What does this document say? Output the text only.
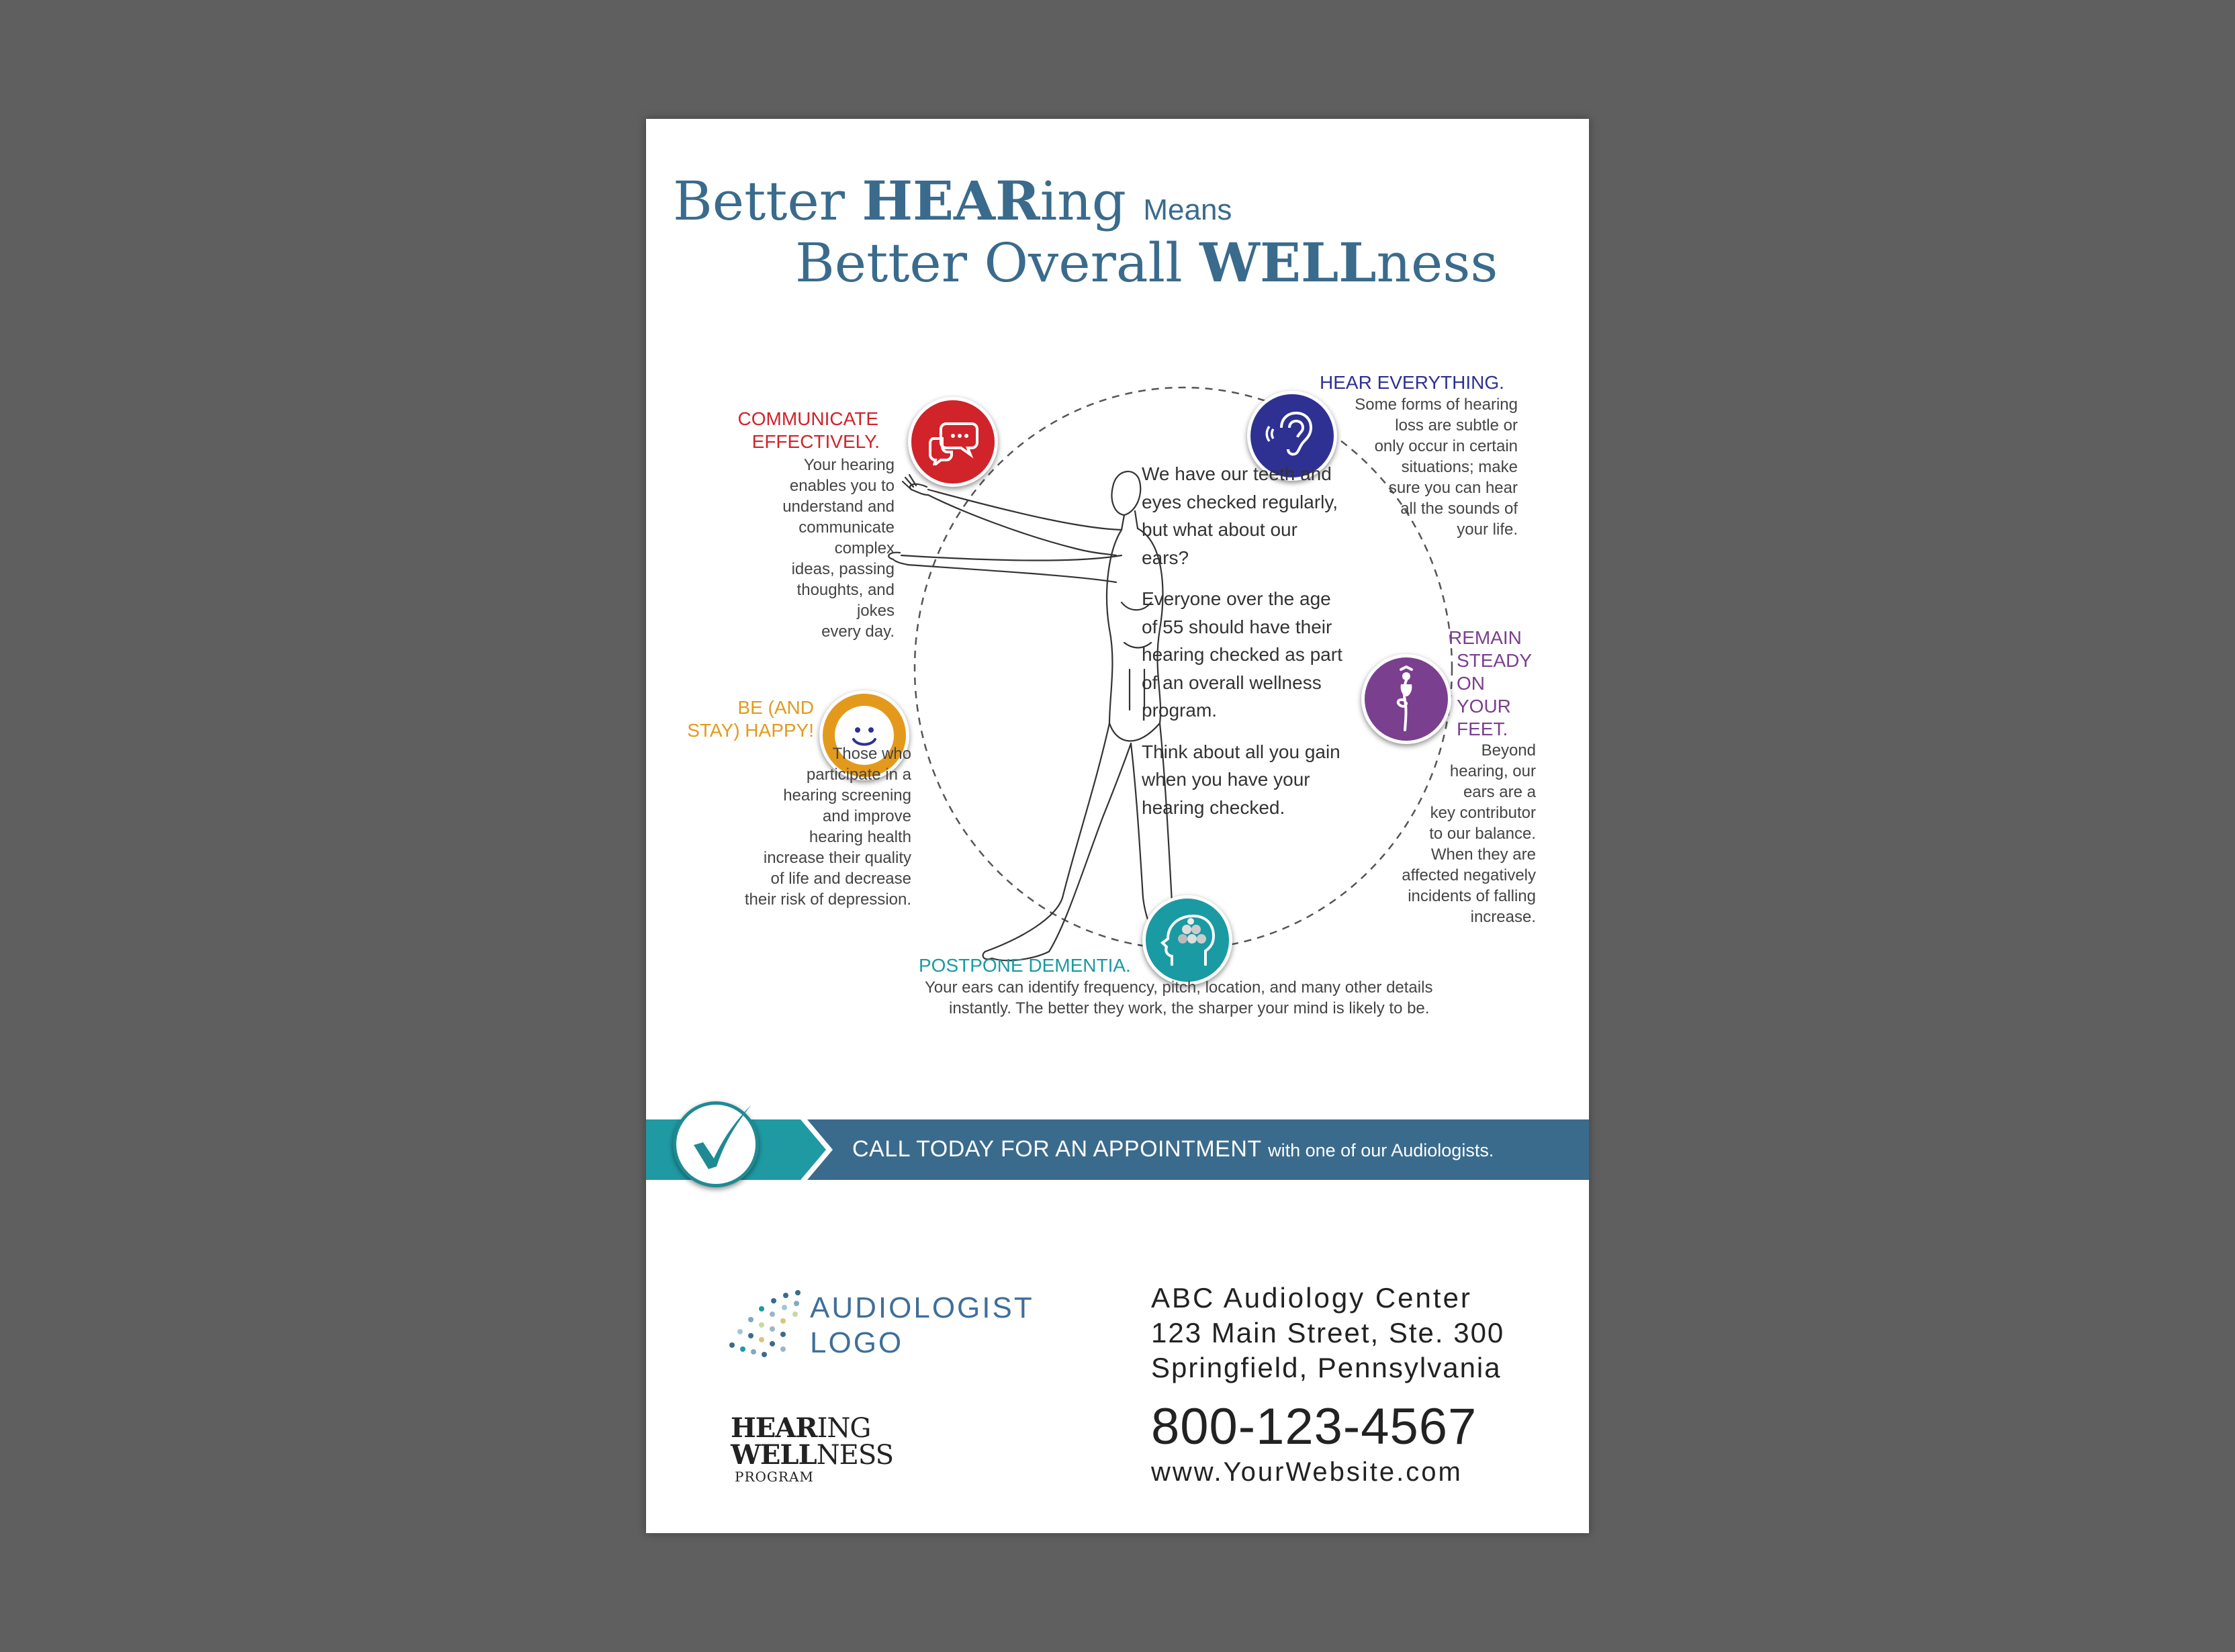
Better HEARing Means
Better Overall WELLness
COMMUNICATE
EFFECTIVELY.
Your hearing
enables you to
understand and
communicate
complex
ideas, passing
thoughts, and
jokes
every day.
HEAR EVERYTHING.
Some forms of hearing
loss are subtle or
only occur in certain
situations; make
sure you can hear
all the sounds of
your life.
BE (AND
STAY) HAPPY!
Those who
participate in a
hearing screening
and improve
hearing health
increase their quality
of life and decrease
their risk of depression.
REMAIN
STEADY
ON
YOUR
FEET.
Beyond
hearing, our
ears are a
key contributor
to our balance.
When they are
affected negatively
incidents of falling
increase.

We have our teeth and eyes checked regularly, but what about our ears?

Everyone over the age of 55 should have their hearing checked as part of an overall wellness program.

Think about all you gain when you have your hearing checked.

POSTPONE DEMENTIA.
Your ears can identify frequency, pitch, location, and many other details
instantly. The better they work, the sharper your mind is likely to be.
CALL TODAY FOR AN APPOINTMENT with one of our Audiologists.
AUDIOLOGIST
LOGO
HEARING
WELLNESS
PROGRAM
ABC Audiology Center
123 Main Street, Ste. 300
Springfield, Pennsylvania
800-123-4567
www.YourWebsite.com
